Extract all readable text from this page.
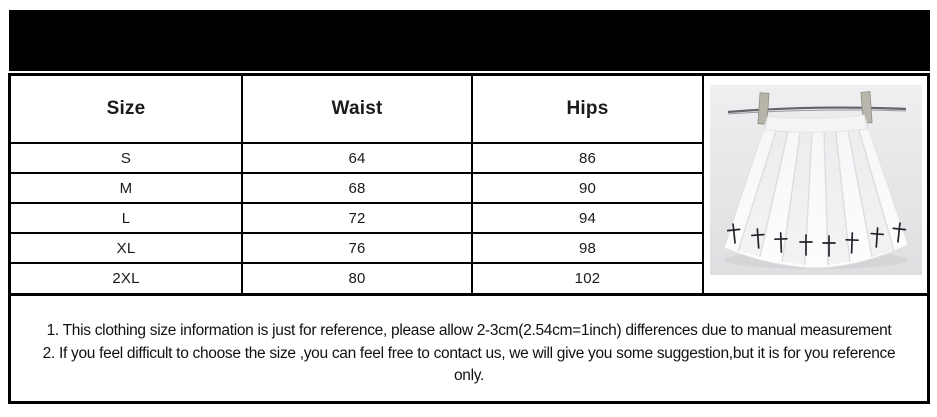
Size	Waist	Hips
S	64	86
M	68	90
L	72	94
XL	76	98
2XL	80	102
1. This clothing size information is just for reference, please allow 2-3cm(2.54cm=1inch) differences due to manual measurement
2. If you feel difficult to choose the size ,you can feel free to contact us, we will give you some suggestion,but it is for you reference
only.
